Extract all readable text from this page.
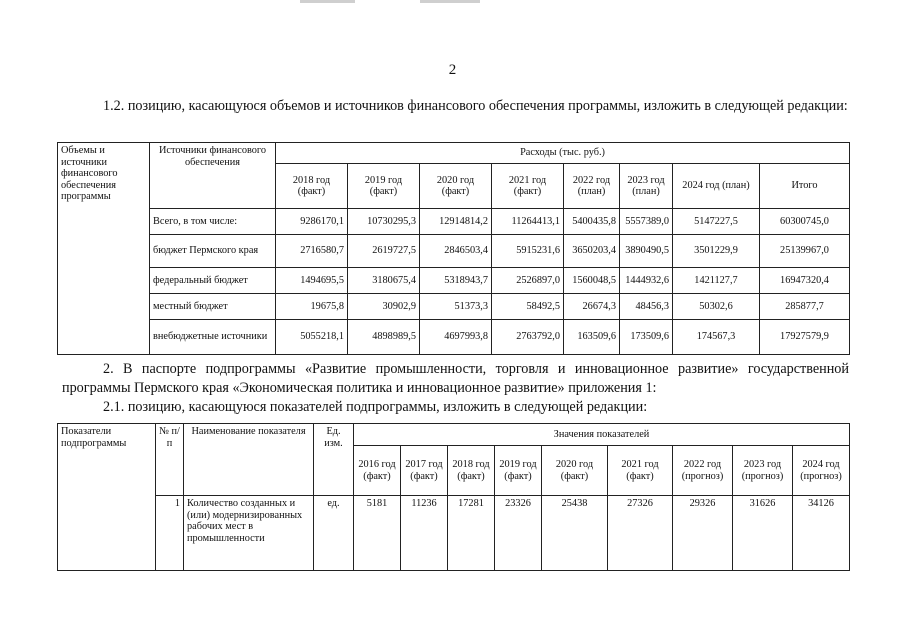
2
1.2. позицию, касающуюся объемов и источников финансового обеспечения программы, изложить в следующей редакции:
Объемы и источники финансового обеспечения программы	Источники финансового обеспечения	Расходы (тыс. руб.)							
		2018 год (факт)	2019 год (факт)	2020 год (факт)	2021 год (факт)	2022 год (план)	2023 год (план)	2024 год (план)	Итого
	Всего, в том числе:	9286170,1	10730295,3	12914814,2	11264413,1	5400435,8	5557389,0	5147227,5	60300745,0
	бюджет Пермского края	2716580,7	2619727,5	2846503,4	5915231,6	3650203,4	3890490,5	3501229,9	25139967,0
	федеральный бюджет	1494695,5	3180675,4	5318943,7	2526897,0	1560048,5	1444932,6	1421127,7	16947320,4
	местный бюджет	19675,8	30902,9	51373,3	58492,5	26674,3	48456,3	50302,6	285877,7
	внебюджетные источники	5055218,1	4898989,5	4697993,8	2763792,0	163509,6	173509,6	174567,3	17927579,9
2. В паспорте подпрограммы «Развитие промышленности, торговля и инновационное развитие» государственной программы Пермского края «Экономическая политика и инновационное развитие» приложения 1:
2.1. позицию, касающуюся показателей подпрограммы, изложить в следующей редакции:
Показатели подпрограммы	№ п/п	Наименование показателя	Ед. изм.	Значения показателей								
				2016 год (факт)	2017 год (факт)	2018 год (факт)	2019 год (факт)	2020 год (факт)	2021 год (факт)	2022 год (прогноз)	2023 год (прогноз)	2024 год (прогноз)
	1	Количество созданных и (или) модернизированных рабочих мест в промышленности	ед.	5181	11236	17281	23326	25438	27326	29326	31626	34126
